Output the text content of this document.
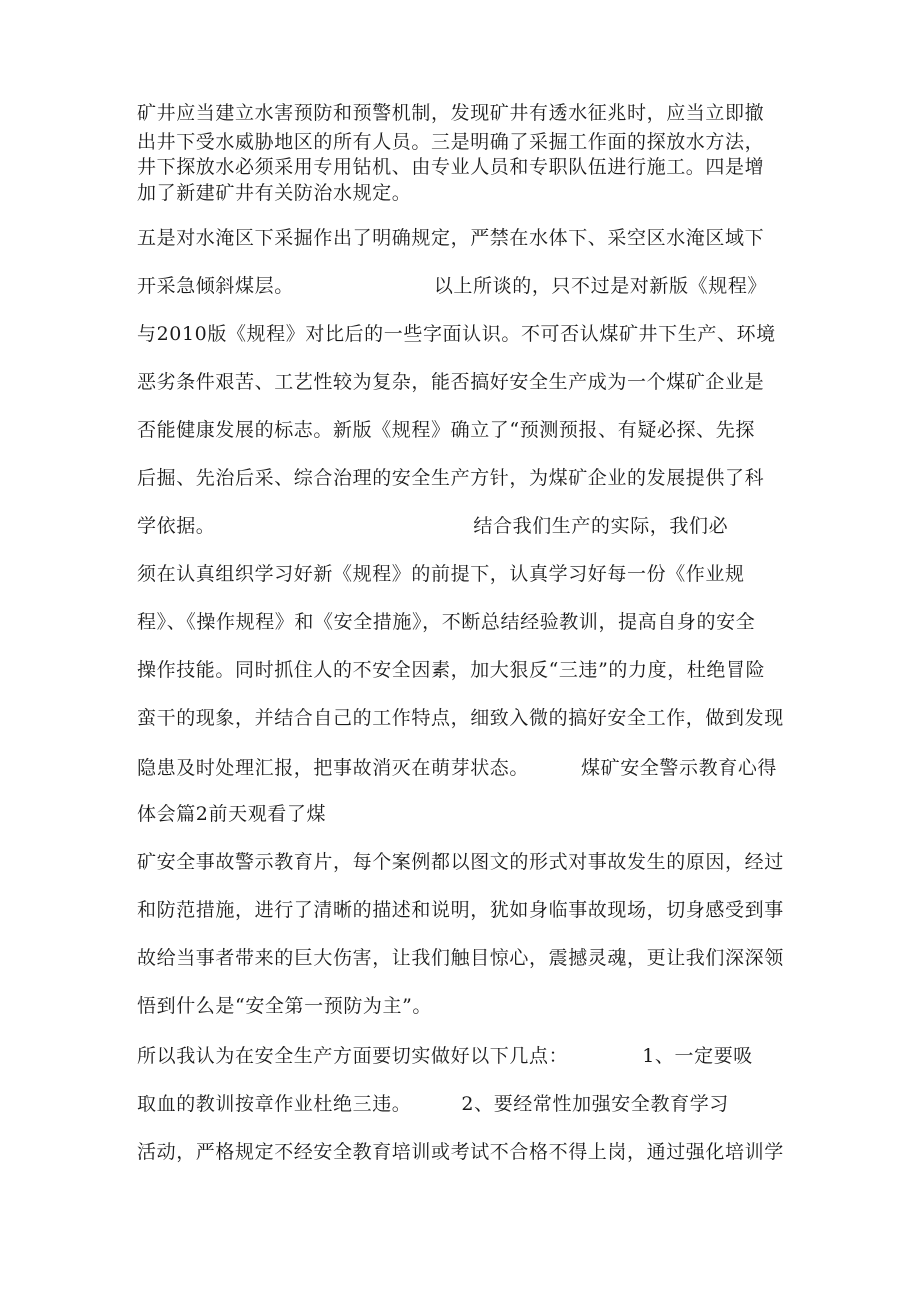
矿井应当建立水害预防和预警机制，发现矿井有透水征兆时，应当立即撤
出井下受水威胁地区的所有人员。三是明确了采掘工作面的探放水方法，
井下探放水必须采用专用钻机、由专业人员和专职队伍进行施工。四是增
加了新建矿井有关防治水规定。
五是对水淹区下采掘作出了明确规定，严禁在水体下、采空区水淹区域下
开采急倾斜煤层。	以上所谈的，只不过是对新版《规程》
与2010版《规程》对比后的一些字面认识。不可否认煤矿井下生产、环境
恶劣条件艰苦、工艺性较为复杂，能否搞好安全生产成为一个煤矿企业是
否能健康发展的标志。新版《规程》确立了“预测预报、有疑必探、先探
后掘、先治后采、综合治理的安全生产方针，为煤矿企业的发展提供了科
学依据。	结合我们生产的实际，我们必
须在认真组织学习好新《规程》的前提下，认真学习好每一份《作业规
程》、《操作规程》和《安全措施》，不断总结经验教训，提高自身的安全
操作技能。同时抓住人的不安全因素，加大狠反“三违”的力度，杜绝冒险
蛮干的现象，并结合自己的工作特点，细致入微的搞好安全工作，做到发现
隐患及时处理汇报，把事故消灭在萌芽状态。	煤矿安全警示教育心得
体会篇2前天观看了煤
矿安全事故警示教育片，每个案例都以图文的形式对事故发生的原因，经过
和防范措施，进行了清晰的描述和说明，犹如身临事故现场，切身感受到事
故给当事者带来的巨大伤害，让我们触目惊心，震撼灵魂，更让我们深深领
悟到什么是“安全第一预防为主”。
所以我认为在安全生产方面要切实做好以下几点：	1、一定要吸
取血的教训按章作业杜绝三违。	2、要经常性加强安全教育学习
活动，严格规定不经安全教育培训或考试不合格不得上岗，通过强化培训学
